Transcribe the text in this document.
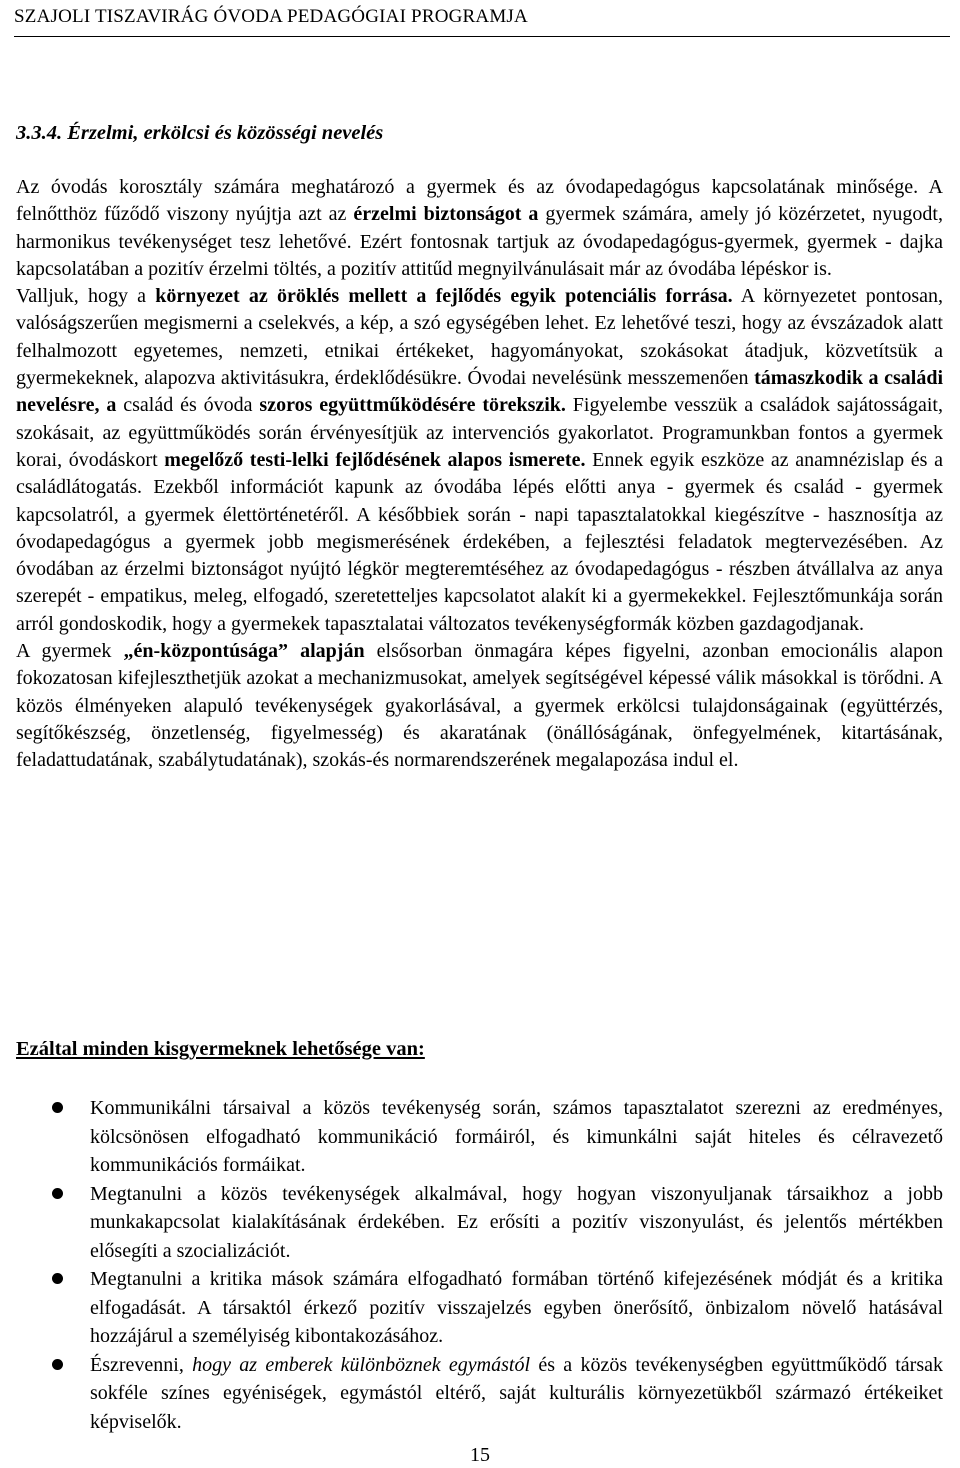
SZAJOLI TISZAVIRÁG ÓVODA PEDAGÓGIAI PROGRAMJA
3.3.4. Érzelmi, erkölcsi és közösségi nevelés

Az óvodás korosztály számára meghatározó a gyermek és az óvodapedagógus kapcsolatának minősége. A felnőtthöz fűződő viszony nyújtja azt az érzelmi biztonságot a gyermek számára, amely jó közérzetet, nyugodt, harmonikus tevékenységet tesz lehetővé. Ezért fontosnak tartjuk az óvodapedagógus-gyermek, gyermek - dajka kapcsolatában a pozitív érzelmi töltés, a pozitív attitűd megnyilvánulásait már az óvodába lépéskor is.

Valljuk, hogy a környezet az öröklés mellett a fejlődés egyik potenciális forrása. A környezetet pontosan, valóságszerűen megismerni a cselekvés, a kép, a szó egységében lehet. Ez lehetővé teszi, hogy az évszázadok alatt felhalmozott egyetemes, nemzeti, etnikai értékeket, hagyományokat, szokásokat átadjuk, közvetítsük a gyermekeknek, alapozva aktivitásukra, érdeklődésükre. Óvodai nevelésünk messzemenően támaszkodik a családi nevelésre, a család és óvoda szoros együttműködésére törekszik. Figyelembe vesszük a családok sajátosságait, szokásait, az együttműködés során érvényesítjük az intervenciós gyakorlatot. Programunkban fontos a gyermek korai, óvodáskort megelőző testi-lelki fejlődésének alapos ismerete. Ennek egyik eszköze az anamnézislap és a családlátogatás. Ezekből információt kapunk az óvodába lépés előtti anya - gyermek és család - gyermek kapcsolatról, a gyermek élettörténetéről. A későbbiek során - napi tapasztalatokkal kiegészítve - hasznosítja az óvodapedagógus a gyermek jobb megismerésének érdekében, a fejlesztési feladatok megtervezésében. Az óvodában az érzelmi biztonságot nyújtó légkör megteremtéséhez az óvodapedagógus - részben átvállalva az anya szerepét - empatikus, meleg, elfogadó, szeretetteljes kapcsolatot alakít ki a gyermekekkel. Fejlesztőmunkája során arról gondoskodik, hogy a gyermekek tapasztalatai változatos tevékenységformák közben gazdagodjanak.

A gyermek „én-központúsága” alapján elsősorban önmagára képes figyelni, azonban emocionális alapon fokozatosan kifejleszthetjük azokat a mechanizmusokat, amelyek segítségével képessé válik másokkal is törődni. A közös élményeken alapuló tevékenységek gyakorlásával, a gyermek erkölcsi tulajdonságainak (együttérzés, segítőkészség, önzetlenség, figyelmesség) és akaratának (önállóságának, önfegyelmének, kitartásának, feladattudatának, szabálytudatának), szokás-és normarendszerének megalapozása indul el.

Ezáltal minden kisgyermeknek lehetősége van:
Kommunikálni társaival a közös tevékenység során, számos tapasztalatot szerezni az eredményes, kölcsönösen elfogadható kommunikáció formáiról, és kimunkálni saját hiteles és célravezető kommunikációs formáikat.
Megtanulni a közös tevékenységek alkalmával, hogy hogyan viszonyuljanak társaikhoz a jobb munkakapcsolat kialakításának érdekében. Ez erősíti a pozitív viszonyulást, és jelentős mértékben elősegíti a szocializációt.
Megtanulni a kritika mások számára elfogadható formában történő kifejezésének módját és a kritika elfogadását. A társaktól érkező pozitív visszajelzés egyben önerősítő, önbizalom növelő hatásával hozzájárul a személyiség kibontakozásához.
Észrevenni, hogy az emberek különböznek egymástól és a közös tevékenységben együttműködő társak sokféle színes egyéniségek, egymástól eltérő, saját kulturális környezetükből származó értékeiket képviselők.
15
